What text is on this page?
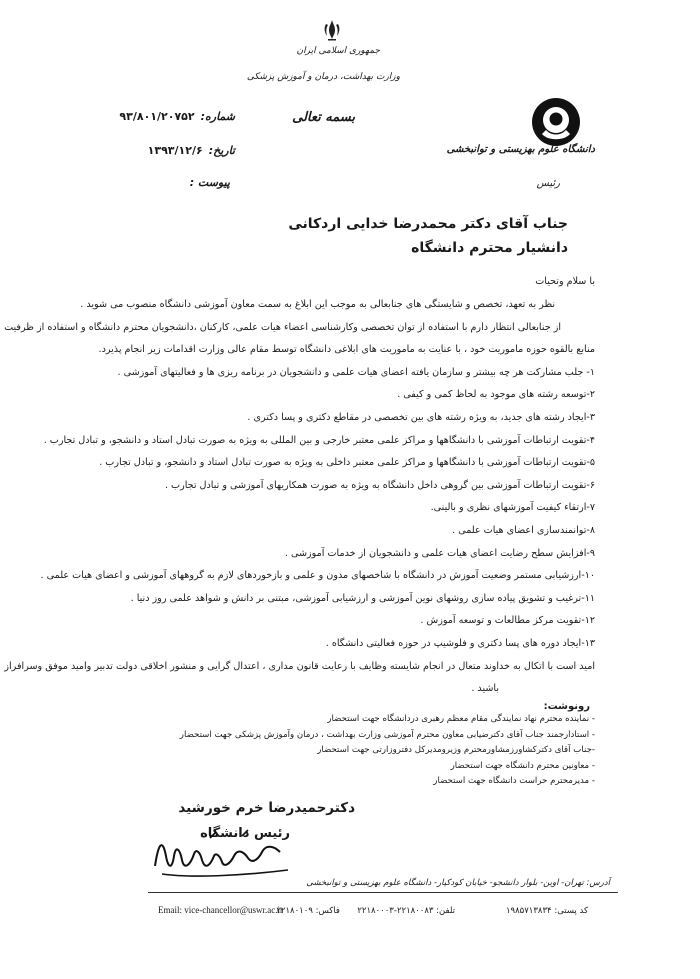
جمهوری اسلامی ایران
وزارت بهداشت، درمان و آموزش پزشکی
بسمه تعالی
شماره:۹۳/۸۰۱/۲۰۷۵۲
تاریخ:۱۳۹۳/۱۲/۶
پیوست :
دانشگاه علوم بهزیستی و توانبخشی
رئیس
جناب آقای دکتر محمدرضا خدایی اردکانی
دانشیار محترم دانشگاه
با سلام وتحیات
نظر به تعهد، تخصص و شایستگی های جنابعالی به موجب این ابلاغ به سمت معاون آموزشی دانشگاه منصوب می شوید .
از جنابعالی انتظار دارم با استفاده از توان تخصصی وکارشناسی اعضاء هیات علمی، کارکنان ،دانشجویان محترم دانشگاه و استفاده از ظرفیت
منابع بالقوه حوزه ماموریت خود ، با عنایت به ماموریت های ابلاغی دانشگاه توسط مقام عالی وزارت اقدامات زیر انجام پذیرد.
۱- جلب مشارکت هر چه بیشتر و سازمان یافته اعضای هیات علمی و دانشجویان در برنامه ریزی ها و فعالیتهای آموزشی .
۲-توسعه رشته های موجود به لحاظ کمی و کیفی .
۳-ایجاد رشته های جدید، به ویژه رشته های بین تخصصی در مقاطع دکتری و پسا دکتری .
۴-تقویت ارتباطات آموزشی با دانشگاهها و مراکز علمی معتبر خارجی و بین المللی به ویژه به صورت تبادل استاد و دانشجو، و تبادل تجارب .
۵-تقویت ارتباطات آموزشی با دانشگاهها و مراکز علمی معتبر داخلی به ویژه به صورت تبادل استاد و دانشجو، و تبادل تجارب .
۶-تقویت ارتباطات آموزشی بین گروهی داخل دانشگاه به ویژه به صورت همکاریهای آموزشی و تبادل تجارب .
۷-ارتقاء کیفیت آموزشهای نظری و بالینی.
۸-توانمندسازی اعضای هیات علمی .
۹-افزایش سطح رضایت اعضای هیات علمی و دانشجویان از خدمات آموزشی .
۱۰-ارزشیابی مستمر وضعیت آموزش در دانشگاه با شاخصهای مدون و علمی و بازخوردهای لازم به گروههای آموزشی و اعضای هیات علمی .
۱۱-ترغیب و تشویق پیاده سازی روشهای نوین آموزشی و ارزشیابی آموزشی، مبتنی بر دانش و شواهد علمی روز دنیا .
۱۲-تقویت مرکز مطالعات و توسعه آموزش .
۱۳-ایجاد دوره های پسا دکتری و فلوشیپ در حوزه فعالیتی دانشگاه .
امید است با اتکال به خداوند متعال در انجام شایسته وظایف با رعایت قانون مداری ، اعتدال گرایی و منشور اخلاقی دولت تدبیر وامید موفق وسرافراز
باشید .
رونوشت:
- نماینده محترم نهاد نمایندگی مقام معظم رهبری دردانشگاه جهت استحضار
- استادارجمند جناب آقای دکترضیابی معاون محترم آموزشی وزارت بهداشت ، درمان وآموزش پزشکی جهت استحضار
-جناب آقای دکترکشاورزمشاورمحترم وزیرومدیرکل دفتروزارتی جهت استحضار
- معاونین محترم دانشگاه جهت استحضار
- مدیرمحترم حراست دانشگاه جهت استحضار
دکترحمیدرضا خرم خورشید
رئیس دانشگاه
آدرس: تهران- اوین- بلوار دانشجو- خیابان کودکیار- دانشگاه علوم بهزیستی و توانبخشی
کد پستی: ۱۹۸۵۷۱۳۸۳۴
تلفن: ۲۲۱۸۰۰۸۳-۲۲۱۸۰۰۰۳
فاکس: ۲۲۱۸۰۱۰۹
Email: vice-chancellor@uswr.ac.ir
